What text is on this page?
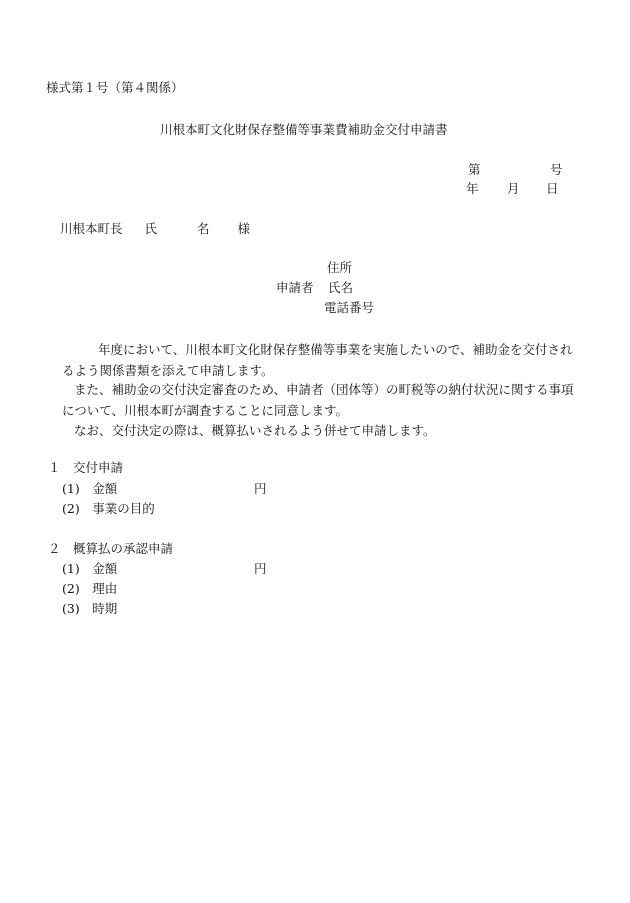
様式第１号（第４関係）
川根本町文化財保存整備等事業費補助金交付申請書
第	号
年 月 日
川根本町長 氏	名 様
住所
申請者 氏名
電話番号
年度において、川根本町文化財保存整備等事業を実施したいので、補助金を交付されるよう関係書類を添えて申請します。
また、補助金の交付決定審査のため、申請者（団体等）の町税等の納付状況に関する事項について、川根本町が調査することに同意します。
なお、交付決定の際は、概算払いされるよう併せて申請します。
１　交付申請
(1)　金額	円
(2)　事業の目的
２　概算払の承認申請
(1)　金額	円
(2)　理由
(3)　時期
